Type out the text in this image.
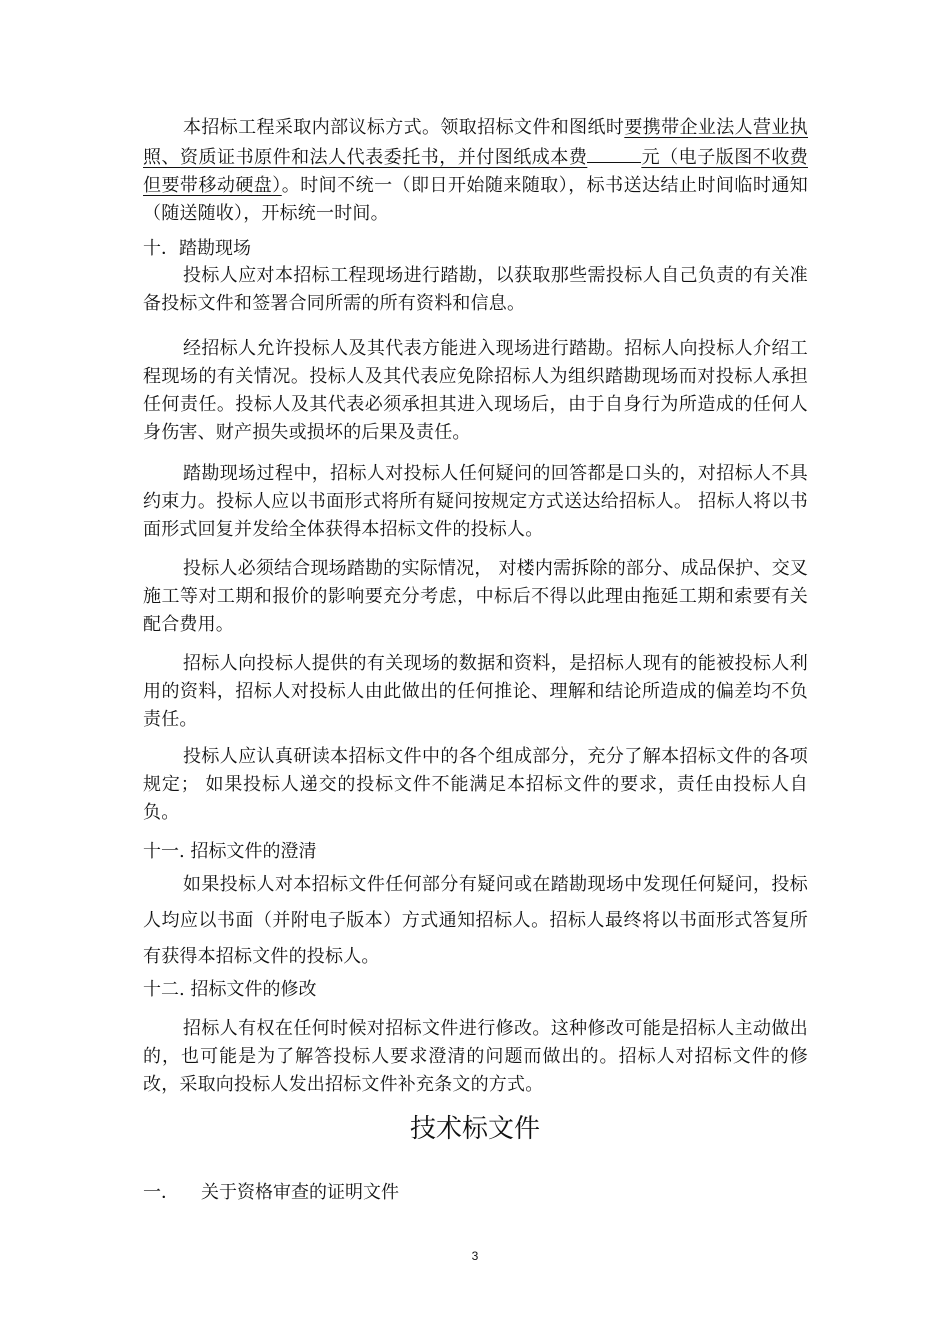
本招标工程采取内部议标方式。领取招标文件和图纸时要携带企业法人营业执照、资质证书原件和法人代表委托书，并付图纸成本费	元（电子版图不收费但要带移动硬盘）。时间不统一（即日开始随来随取），标书送达结止时间临时通知（随送随收），开标统一时间。

十．踏勘现场

投标人应对本招标工程现场进行踏勘，以获取那些需投标人自己负责的有关准备投标文件和签署合同所需的所有资料和信息。

经招标人允许投标人及其代表方能进入现场进行踏勘。招标人向投标人介绍工程现场的有关情况。投标人及其代表应免除招标人为组织踏勘现场而对投标人承担任何责任。投标人及其代表必须承担其进入现场后，由于自身行为所造成的任何人身伤害、财产损失或损坏的后果及责任。

踏勘现场过程中，招标人对投标人任何疑问的回答都是口头的，对招标人不具约束力。投标人应以书面形式将所有疑问按规定方式送达给招标人。 招标人将以书面形式回复并发给全体获得本招标文件的投标人。

投标人必须结合现场踏勘的实际情况， 对楼内需拆除的部分、成品保护、交叉施工等对工期和报价的影响要充分考虑，中标后不得以此理由拖延工期和索要有关配合费用。

招标人向投标人提供的有关现场的数据和资料，是招标人现有的能被投标人利用的资料，招标人对投标人由此做出的任何推论、理解和结论所造成的偏差均不负责任。

投标人应认真研读本招标文件中的各个组成部分，充分了解本招标文件的各项规定； 如果投标人递交的投标文件不能满足本招标文件的要求，责任由投标人自负。

十一. 招标文件的澄清

如果投标人对本招标文件任何部分有疑问或在踏勘现场中发现任何疑问，投标人均应以书面（并附电子版本）方式通知招标人。招标人最终将以书面形式答复所有获得本招标文件的投标人。

十二. 招标文件的修改

招标人有权在任何时候对招标文件进行修改。这种修改可能是招标人主动做出的，也可能是为了解答投标人要求澄清的问题而做出的。招标人对招标文件的修改，采取向投标人发出招标文件补充条文的方式。

技术标文件

一． 关于资格审查的证明文件

3
